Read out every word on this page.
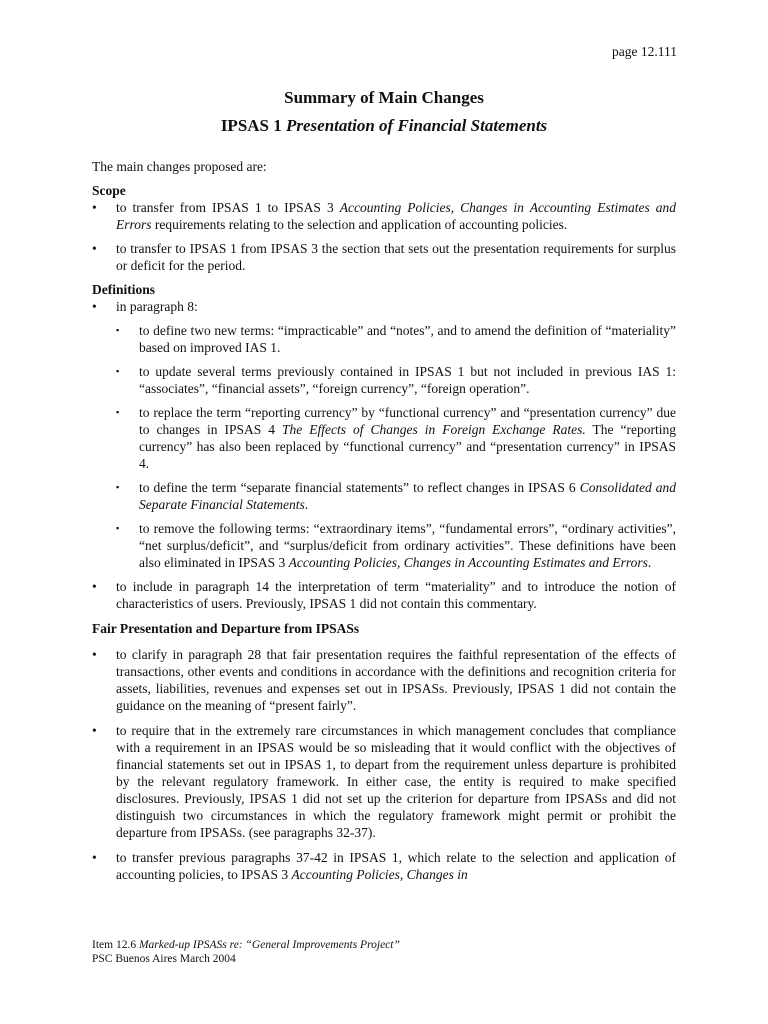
page 12.111
Summary of Main Changes
IPSAS 1 Presentation of Financial Statements

The main changes proposed are:

Scope

• to transfer from IPSAS 1 to IPSAS 3 Accounting Policies, Changes in Accounting Estimates and Errors requirements relating to the selection and application of accounting policies.
• to transfer to IPSAS 1 from IPSAS 3 the section that sets out the presentation requirements for surplus or deficit for the period.

Definitions

• in paragraph 8:
▪ to define two new terms: “impracticable” and “notes”, and to amend the definition of “materiality” based on improved IAS 1.
▪ to update several terms previously contained in IPSAS 1 but not included in previous IAS 1: “associates”, “financial assets”, “foreign currency”, “foreign operation”.
▪ to replace the term “reporting currency” by “functional currency” and “presentation currency” due to changes in IPSAS 4 The Effects of Changes in Foreign Exchange Rates. The “reporting currency” has also been replaced by “functional currency” and “presentation currency” in IPSAS 4.
▪ to define the term “separate financial statements” to reflect changes in IPSAS 6 Consolidated and Separate Financial Statements.
▪ to remove the following terms: “extraordinary items”, “fundamental errors”, “ordinary activities”, “net surplus/deficit”, and “surplus/deficit from ordinary activities”. These definitions have been also eliminated in IPSAS 3 Accounting Policies, Changes in Accounting Estimates and Errors.
• to include in paragraph 14 the interpretation of term “materiality” and to introduce the notion of characteristics of users. Previously, IPSAS 1 did not contain this commentary.

Fair Presentation and Departure from IPSASs

• to clarify in paragraph 28 that fair presentation requires the faithful representation of the effects of transactions, other events and conditions in accordance with the definitions and recognition criteria for assets, liabilities, revenues and expenses set out in IPSASs. Previously, IPSAS 1 did not contain the guidance on the meaning of “present fairly”.
• to require that in the extremely rare circumstances in which management concludes that compliance with a requirement in an IPSAS would be so misleading that it would conflict with the objectives of financial statements set out in IPSAS 1, to depart from the requirement unless departure is prohibited by the relevant regulatory framework. In either case, the entity is required to make specified disclosures. Previously, IPSAS 1 did not set up the criterion for departure from IPSASs and did not distinguish two circumstances in which the regulatory framework might permit or prohibit the departure from IPSASs. (see paragraphs 32-37).
• to transfer previous paragraphs 37-42 in IPSAS 1, which relate to the selection and application of accounting policies, to IPSAS 3 Accounting Policies, Changes in
Item 12.6 Marked-up IPSASs re: “General Improvements Project”
PSC Buenos Aires March 2004
